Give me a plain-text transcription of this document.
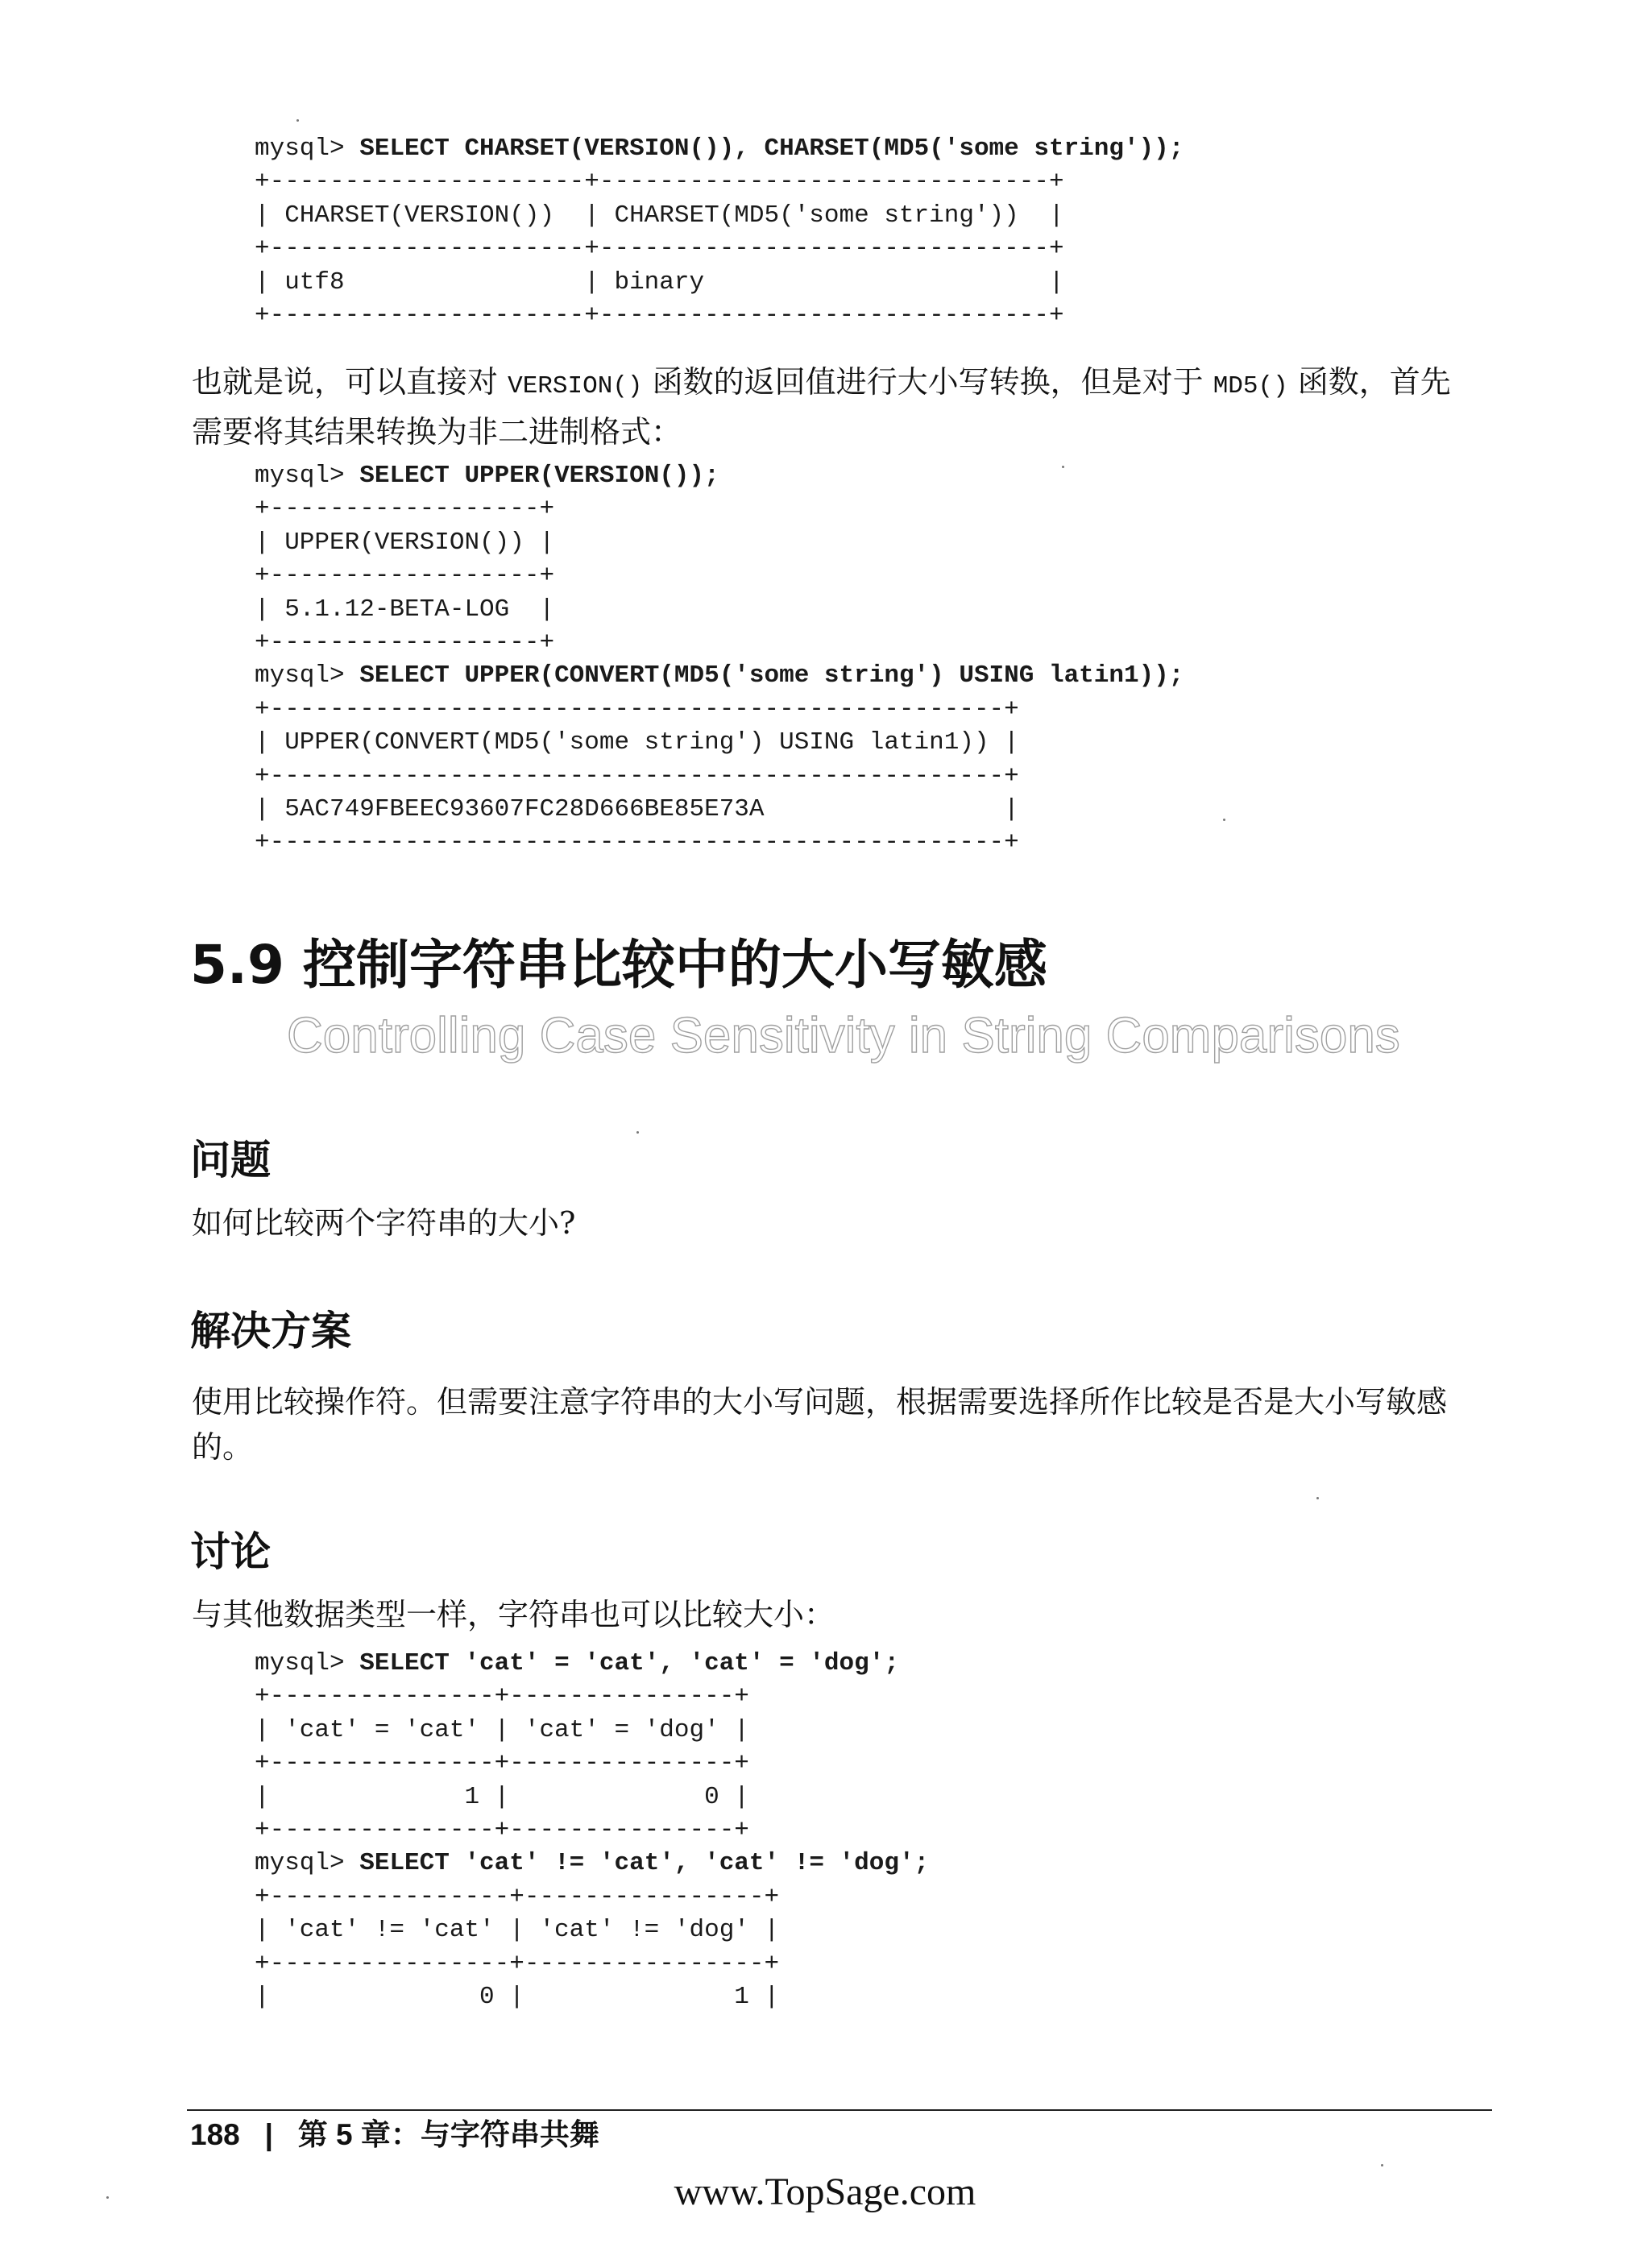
mysql> SELECT CHARSET(VERSION()), CHARSET(MD5('some string'));
+---------------------+------------------------------+
| CHARSET(VERSION())  | CHARSET(MD5('some string'))  |
+---------------------+------------------------------+
| utf8                | binary                       |
+---------------------+------------------------------+

也就是说，可以直接对 VERSION() 函数的返回值进行大小写转换，但是对于 MD5() 函数，首先需要将其结果转换为非二进制格式：

mysql> SELECT UPPER(VERSION());
+------------------+
| UPPER(VERSION()) |
+------------------+
| 5.1.12-BETA-LOG  |
+------------------+
mysql> SELECT UPPER(CONVERT(MD5('some string') USING latin1));
+-------------------------------------------------+
| UPPER(CONVERT(MD5('some string') USING latin1)) |
+-------------------------------------------------+
| 5AC749FBEEC93607FC28D666BE85E73A                |
+-------------------------------------------------+
5.9 控制字符串比较中的大小写敏感

Controlling Case Sensitivity in String Comparisons

问题

如何比较两个字符串的大小?

解决方案

使用比较操作符。但需要注意字符串的大小写问题，根据需要选择所作比较是否是大小写敏感的。

讨论

与其他数据类型一样，字符串也可以比较大小：

mysql> SELECT 'cat' = 'cat', 'cat' = 'dog';
+---------------+---------------+
| 'cat' = 'cat' | 'cat' = 'dog' |
+---------------+---------------+
|             1 |             0 |
+---------------+---------------+
mysql> SELECT 'cat' != 'cat', 'cat' != 'dog';
+----------------+----------------+
| 'cat' != 'cat' | 'cat' != 'dog' |
+----------------+----------------+
|              0 |              1 |

188 | 第 5 章：与字符串共舞

www.TopSage.com
